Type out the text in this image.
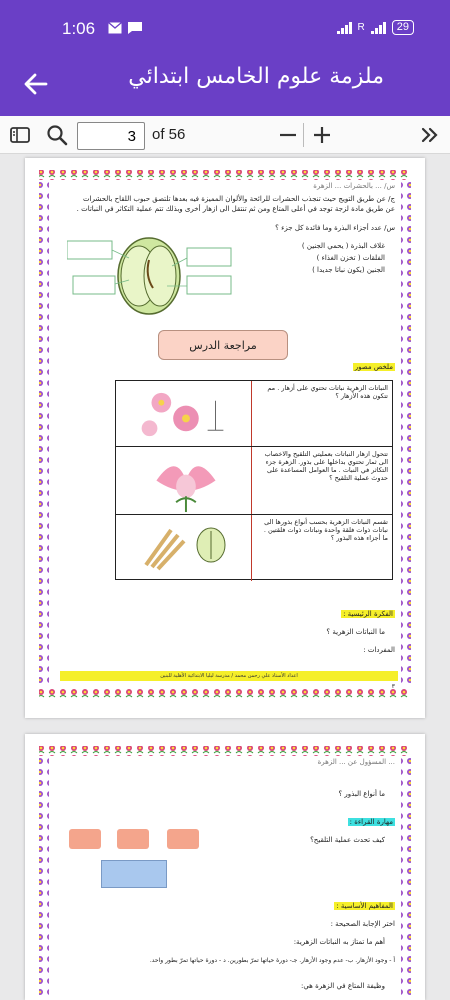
1:06	R	29
ملزمة علوم الخامس ابتدائي
3
of 56
س/ ... بالحشرات ... الزهرة
ج/ عن طريق التويج حيث تنجذب الحشرات للرائحة والألوان المميزة فيه بعدها تلتصق حبوب اللقاح بالحشرات
عن طريق مادة لزجة توجد في أعلى المتاع ومن ثم تنتقل الى ازهار أخرى وبذلك تتم عملية التكاثر في النباتات .
س/ عدد أجزاء البذرة وما فائدة كل جزء ؟
غلاف البذرة ( يحمي الجنين )
الفلقات ( تخزن الغذاء )
الجنين (يكون نباتا جديدا )
مراجعة الدرس
ملخص مصور
النباتات الزهرية نباتات تحتوي على أزهار . مم تتكون هذه الأزهار ؟
تتحول ازهار النباتات بعمليتي التلقيح والاخصاب الى ثمار تحتوي بداخلها على بذور. الزهرة جزء التكاثر في النبات . ما العوامل المساعدة على حدوث عملية التلقيح ؟
تقسم النباتات الزهرية بحسب أنواع بذورها الى نباتات ذوات فلقة واحدة ونباتات ذوات فلقتين . ما أجزاء هذه البذور ؟
الفكرة الرئيسية :
ما النباتات الزهرية ؟
المفردات :
اعداد الأستاذ علي رحمن محمد / مدرسة ليليا الابتدائية الأهلية للبنين
٣
... المسؤول عن ... الزهرة
ما أنواع البذور ؟
مهارة القراءة :
كيف تحدث عملية التلقيح؟
المفاهيم الأساسية :
اختر الإجابة الصحيحة :
أهم ما تمتاز به النباتات الزهرية:
أ - وجود الأزهار. ب- عدم وجود الأزهار. جـ- دورة حياتها تمرّ بطورين. د - دورة حياتها تمرّ بطور واحد.
وظيفة المتاع في الزهرة هي:
